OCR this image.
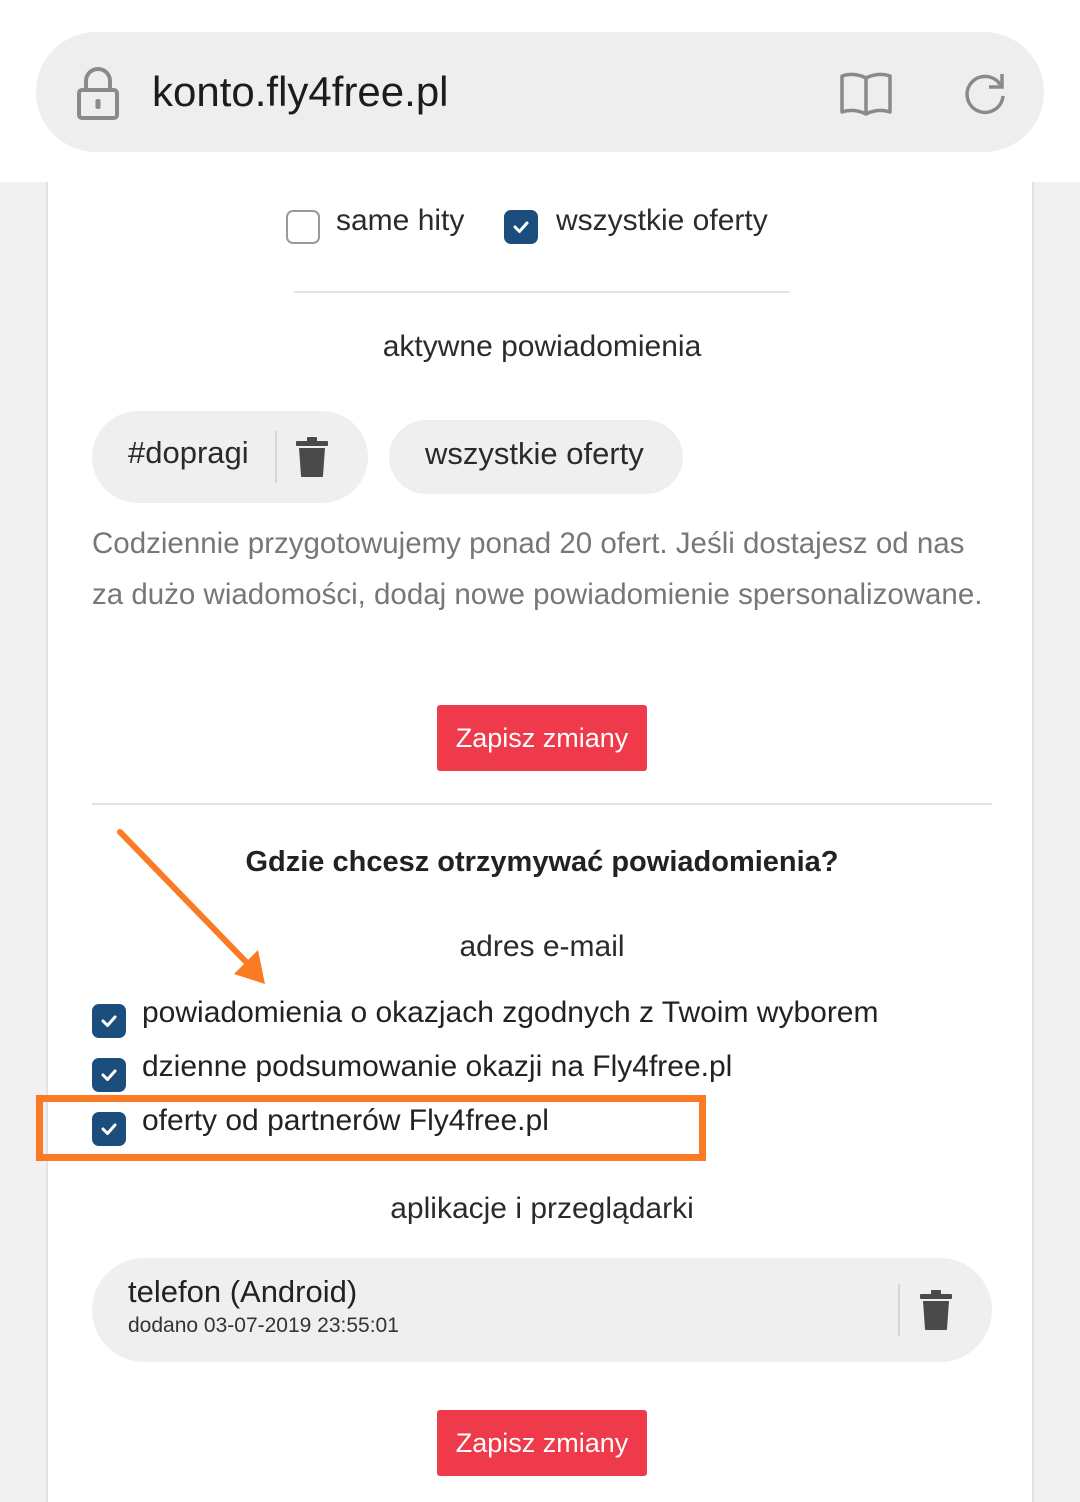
konto.fly4free.pl
same hity	wszystkie oferty
aktywne powiadomienia
#dopragi	wszystkie oferty
Codziennie przygotowujemy ponad 20 ofert. Jeśli dostajesz od nas za dużo wiadomości, dodaj nowe powiadomienie spersonalizowane.
Zapisz zmiany
Gdzie chcesz otrzymywać powiadomienia?
adres e-mail
powiadomienia o okazjach zgodnych z Twoim wyborem
dzienne podsumowanie okazji na Fly4free.pl
oferty od partnerów Fly4free.pl
aplikacje i przeglądarki
telefon (Android)
dodano 03-07-2019 23:55:01
Zapisz zmiany
